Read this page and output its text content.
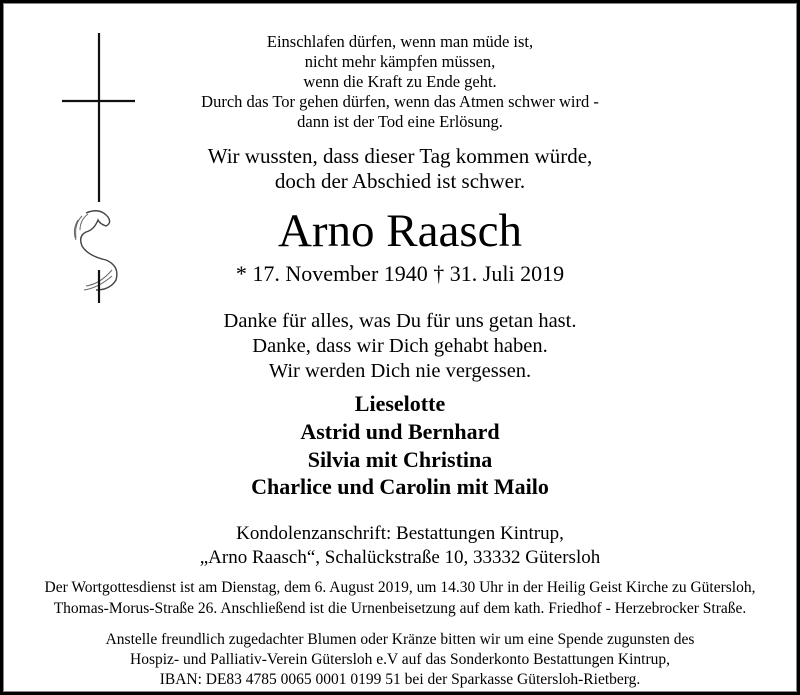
Einschlafen dürfen, wenn man müde ist,
nicht mehr kämpfen müssen,
wenn die Kraft zu Ende geht.
Durch das Tor gehen dürfen, wenn das Atmen schwer wird -
dann ist der Tod eine Erlösung.
Wir wussten, dass dieser Tag kommen würde,
doch der Abschied ist schwer.
Arno Raasch
* 17. November 1940 † 31. Juli 2019
Danke für alles, was Du für uns getan hast.
Danke, dass wir Dich gehabt haben.
Wir werden Dich nie vergessen.
Lieselotte
Astrid und Bernhard
Silvia mit Christina
Charlice und Carolin mit Mailo
Kondolenzanschrift: Bestattungen Kintrup,
„Arno Raasch“, Schalückstraße 10, 33332 Gütersloh
Der Wortgottesdienst ist am Dienstag, dem 6. August 2019, um 14.30 Uhr in der Heilig Geist Kirche zu Gütersloh,
Thomas-Morus-Straße 26. Anschließend ist die Urnenbeisetzung auf dem kath. Friedhof - Herzebrocker Straße.
Anstelle freundlich zugedachter Blumen oder Kränze bitten wir um eine Spende zugunsten des
Hospiz- und Palliativ-Verein Gütersloh e.V auf das Sonderkonto Bestattungen Kintrup,
IBAN: DE83 4785 0065 0001 0199 51 bei der Sparkasse Gütersloh-Rietberg.
